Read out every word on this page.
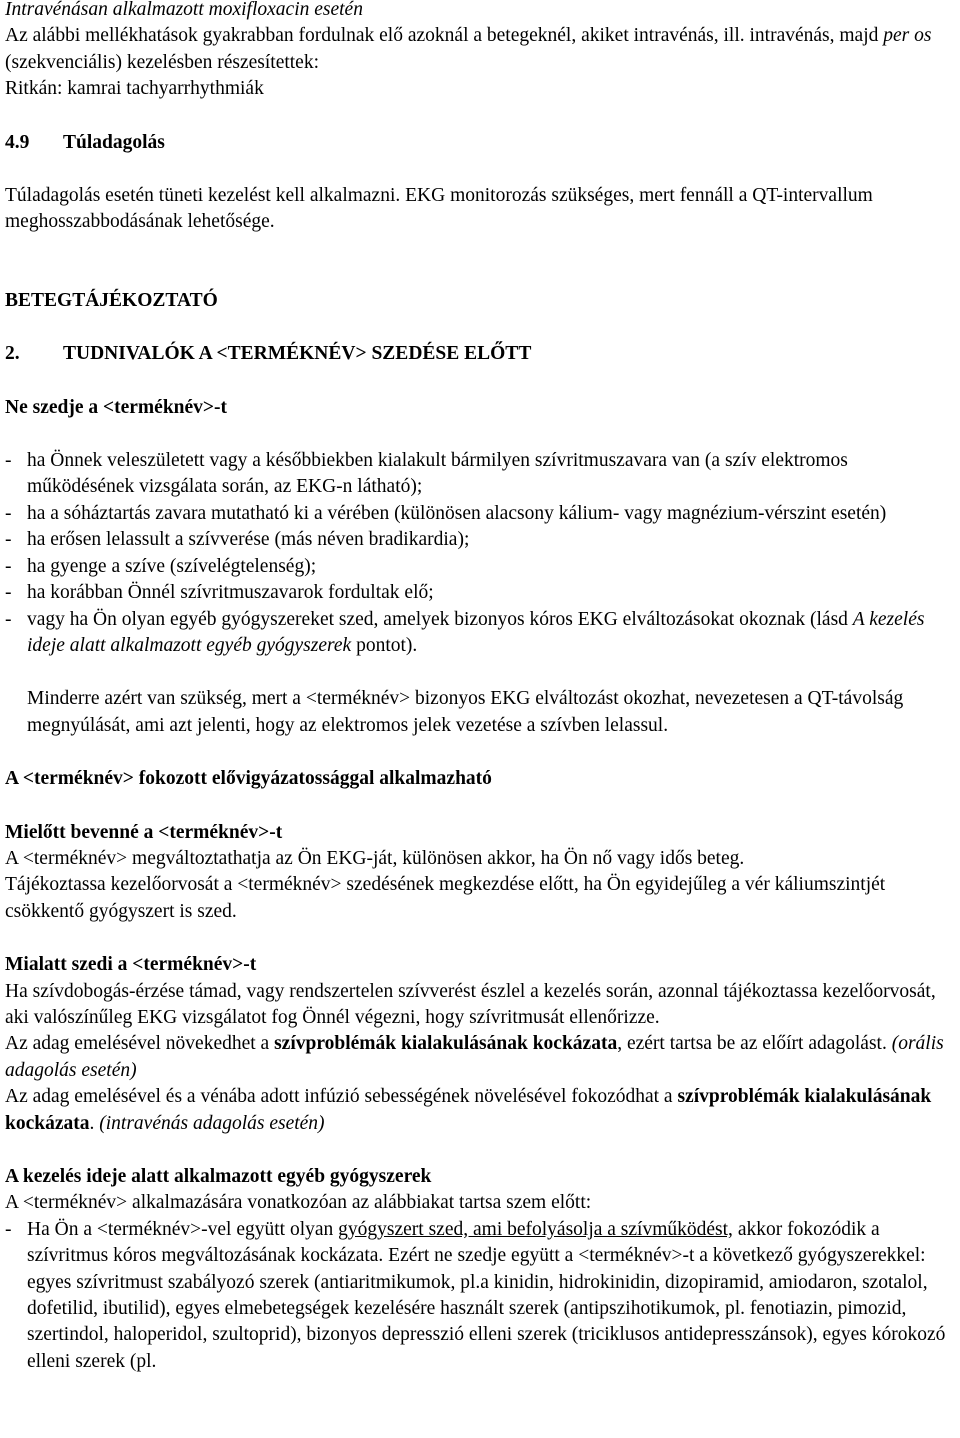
Intravénásan alkalmazott moxifloxacin esetén

Az alábbi mellékhatások gyakrabban fordulnak elő azoknál a betegeknél, akiket intravénás, ill. intravénás, majd per os (szekvenciális) kezelésben részesítettek:

Ritkán: kamrai tachyarrhythmiák

4.9 Túladagolás

Túladagolás esetén tüneti kezelést kell alkalmazni. EKG monitorozás szükséges, mert fennáll a QT-intervallum meghosszabbodásának lehetősége.

BETEGTÁJÉKOZTATÓ

2. TUDNIVALÓK A <TERMÉKNÉV> SZEDÉSE ELŐTT

Ne szedje a <terméknév>-t

- ha Önnek veleszületett vagy a későbbiekben kialakult bármilyen szívritmuszavara van (a szív elektromos működésének vizsgálata során, az EKG-n látható);

- ha a sóháztartás zavara mutatható ki a vérében (különösen alacsony kálium- vagy magnézium-vérszint esetén)

- ha erősen lelassult a szívverése (más néven bradikardia);

- ha gyenge a szíve (szívelégtelenség);

- ha korábban Önnél szívritmuszavarok fordultak elő;

- vagy ha Ön olyan egyéb gyógyszereket szed, amelyek bizonyos kóros EKG elváltozásokat okoznak (lásd A kezelés ideje alatt alkalmazott egyéb gyógyszerek pontot).

Minderre azért van szükség, mert a <terméknév> bizonyos EKG elváltozást okozhat, nevezetesen a QT-távolság megnyúlását, ami azt jelenti, hogy az elektromos jelek vezetése a szívben lelassul.

A <terméknév> fokozott elővigyázatossággal alkalmazható

Mielőtt bevenné a <terméknév>-t

A <terméknév> megváltoztathatja az Ön EKG-ját, különösen akkor, ha Ön nő vagy idős beteg.

Tájékoztassa kezelőorvosát a <terméknév> szedésének megkezdése előtt, ha Ön egyidejűleg a vér káliumszintjét csökkentő gyógyszert is szed.

Mialatt szedi a <terméknév>-t

Ha szívdobogás-érzése támad, vagy rendszertelen szívverést észlel a kezelés során, azonnal tájékoztassa kezelőorvosát, aki valószínűleg EKG vizsgálatot fog Önnél végezni, hogy szívritmusát ellenőrizze.

Az adag emelésével növekedhet a szívproblémák kialakulásának kockázata, ezért tartsa be az előírt adagolást. (orális adagolás esetén)

Az adag emelésével és a vénába adott infúzió sebességének növelésével fokozódhat a szívproblémák kialakulásának kockázata. (intravénás adagolás esetén)

A kezelés ideje alatt alkalmazott egyéb gyógyszerek

A <terméknév> alkalmazására vonatkozóan az alábbiakat tartsa szem előtt:

- Ha Ön a <terméknév>-vel együtt olyan gyógyszert szed, ami befolyásolja a szívműködést, akkor fokozódik a szívritmus kóros megváltozásának kockázata. Ezért ne szedje együtt a <terméknév>-t a következő gyógyszerekkel: egyes szívritmust szabályozó szerek (antiaritmikumok, pl.a kinidin, hidrokinidin, dizopiramid, amiodaron, szotalol, dofetilid, ibutilid), egyes elmebetegségek kezelésére használt szerek (antipszihotikumok, pl. fenotiazin, pimozid, szertindol, haloperidol, szultoprid), bizonyos depresszió elleni szerek (triciklusos antidepresszánsok), egyes kórokozó elleni szerek (pl.
